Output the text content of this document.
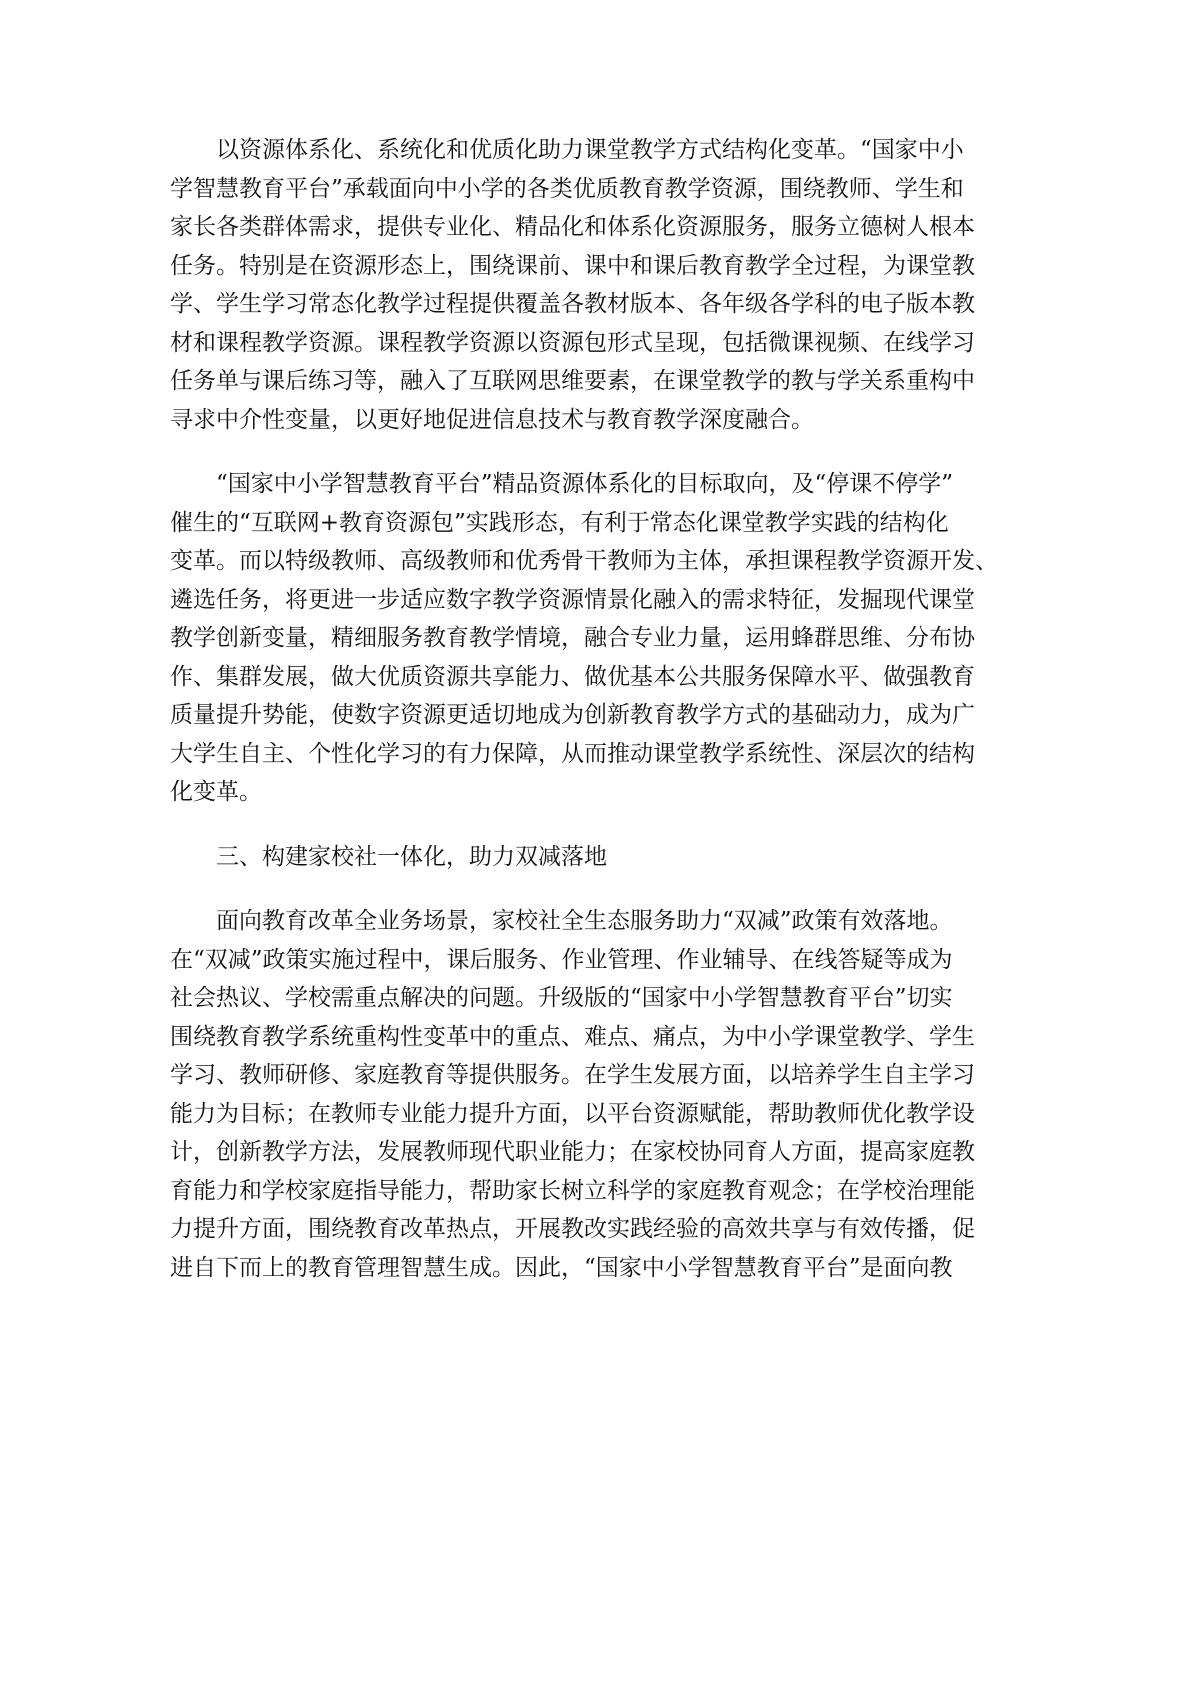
以资源体系化、系统化和优质化助力课堂教学方式结构化变革。“国家中小
学智慧教育平台”承载面向中小学的各类优质教育教学资源，围绕教师、学生和
家长各类群体需求，提供专业化、精品化和体系化资源服务，服务立德树人根本
任务。特别是在资源形态上，围绕课前、课中和课后教育教学全过程，为课堂教
学、学生学习常态化教学过程提供覆盖各教材版本、各年级各学科的电子版本教
材和课程教学资源。课程教学资源以资源包形式呈现，包括微课视频、在线学习
任务单与课后练习等，融入了互联网思维要素，在课堂教学的教与学关系重构中
寻求中介性变量，以更好地促进信息技术与教育教学深度融合。
“国家中小学智慧教育平台”精品资源体系化的目标取向，及“停课不停学”
催生的“互联网+教育资源包”实践形态，有利于常态化课堂教学实践的结构化
变革。而以特级教师、高级教师和优秀骨干教师为主体，承担课程教学资源开发、
遴选任务，将更进一步适应数字教学资源情景化融入的需求特征，发掘现代课堂
教学创新变量，精细服务教育教学情境，融合专业力量，运用蜂群思维、分布协
作、集群发展，做大优质资源共享能力、做优基本公共服务保障水平、做强教育
质量提升势能，使数字资源更适切地成为创新教育教学方式的基础动力，成为广
大学生自主、个性化学习的有力保障，从而推动课堂教学系统性、深层次的结构
化变革。
三、构建家校社一体化，助力双减落地
面向教育改革全业务场景，家校社全生态服务助力“双减”政策有效落地。
在“双减”政策实施过程中，课后服务、作业管理、作业辅导、在线答疑等成为
社会热议、学校需重点解决的问题。升级版的“国家中小学智慧教育平台”切实
围绕教育教学系统重构性变革中的重点、难点、痛点，为中小学课堂教学、学生
学习、教师研修、家庭教育等提供服务。在学生发展方面，以培养学生自主学习
能力为目标；在教师专业能力提升方面，以平台资源赋能，帮助教师优化教学设
计，创新教学方法，发展教师现代职业能力；在家校协同育人方面，提高家庭教
育能力和学校家庭指导能力，帮助家长树立科学的家庭教育观念；在学校治理能
力提升方面，围绕教育改革热点，开展教改实践经验的高效共享与有效传播，促
进自下而上的教育管理智慧生成。因此，“国家中小学智慧教育平台”是面向教
